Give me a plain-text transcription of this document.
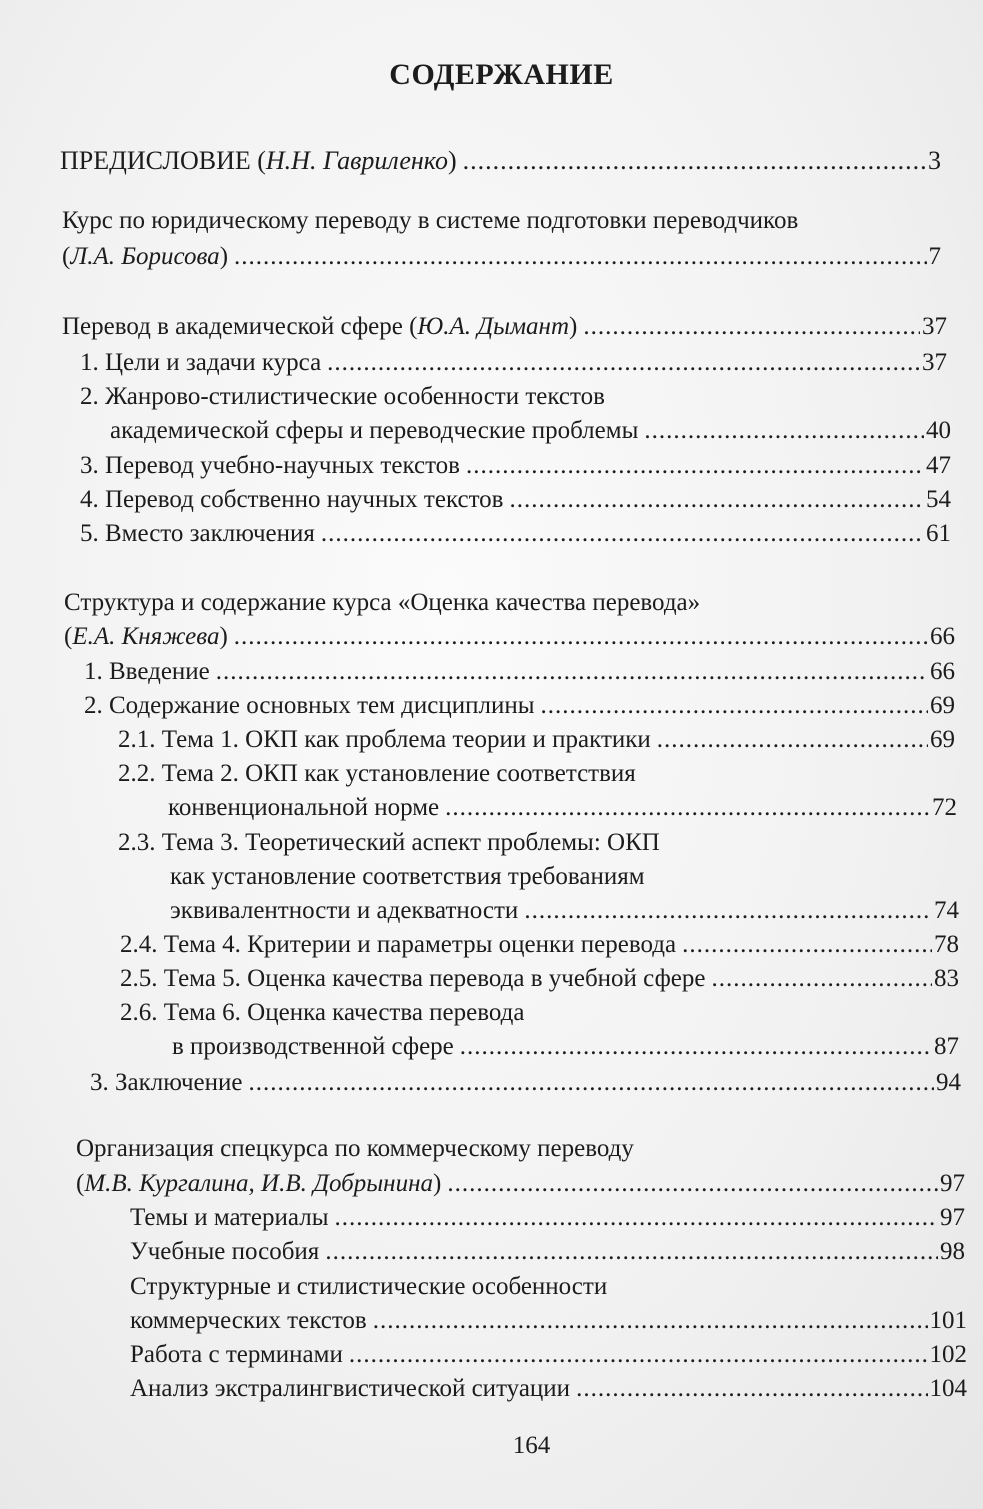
СОДЕРЖАНИЕ
ПРЕДИСЛОВИЕ (Н.Н. Гавриленко) .....	3
Курс по юридическому переводу в системе подготовки переводчиков
(Л.А. Борисова) .....	7
Перевод в академической сфере (Ю.А. Дымант) .....	37
1. Цели и задачи курса .....	37
2. Жанрово-стилистические особенности текстов
академической сферы и переводческие проблемы .....	40
3. Перевод учебно-научных текстов .....	47
4. Перевод собственно научных текстов .....	54
5. Вместо заключения .....	61
Структура и содержание курса «Оценка качества перевода»
(Е.А. Княжева) .....	66
1. Введение .....	66
2. Содержание основных тем дисциплины .....	69
2.1. Тема 1. ОКП как проблема теории и практики .....	69
2.2. Тема 2. ОКП как установление соответствия
конвенциональной норме .....	72
2.3. Тема 3. Теоретический аспект проблемы: ОКП
как установление соответствия требованиям
эквивалентности и адекватности .....	74
2.4. Тема 4. Критерии и параметры оценки перевода .....	78
2.5. Тема 5. Оценка качества перевода в учебной сфере .....	83
2.6. Тема 6. Оценка качества перевода
в производственной сфере .....	87
3. Заключение .....	94
Организация спецкурса по коммерческому переводу
(М.В. Кургалина, И.В. Добрынина) .....	97
Темы и материалы .....	97
Учебные пособия .....	98
Структурные и стилистические особенности
коммерческих текстов .....	101
Работа с терминами .....	102
Анализ экстралингвистической ситуации .....	104
164
